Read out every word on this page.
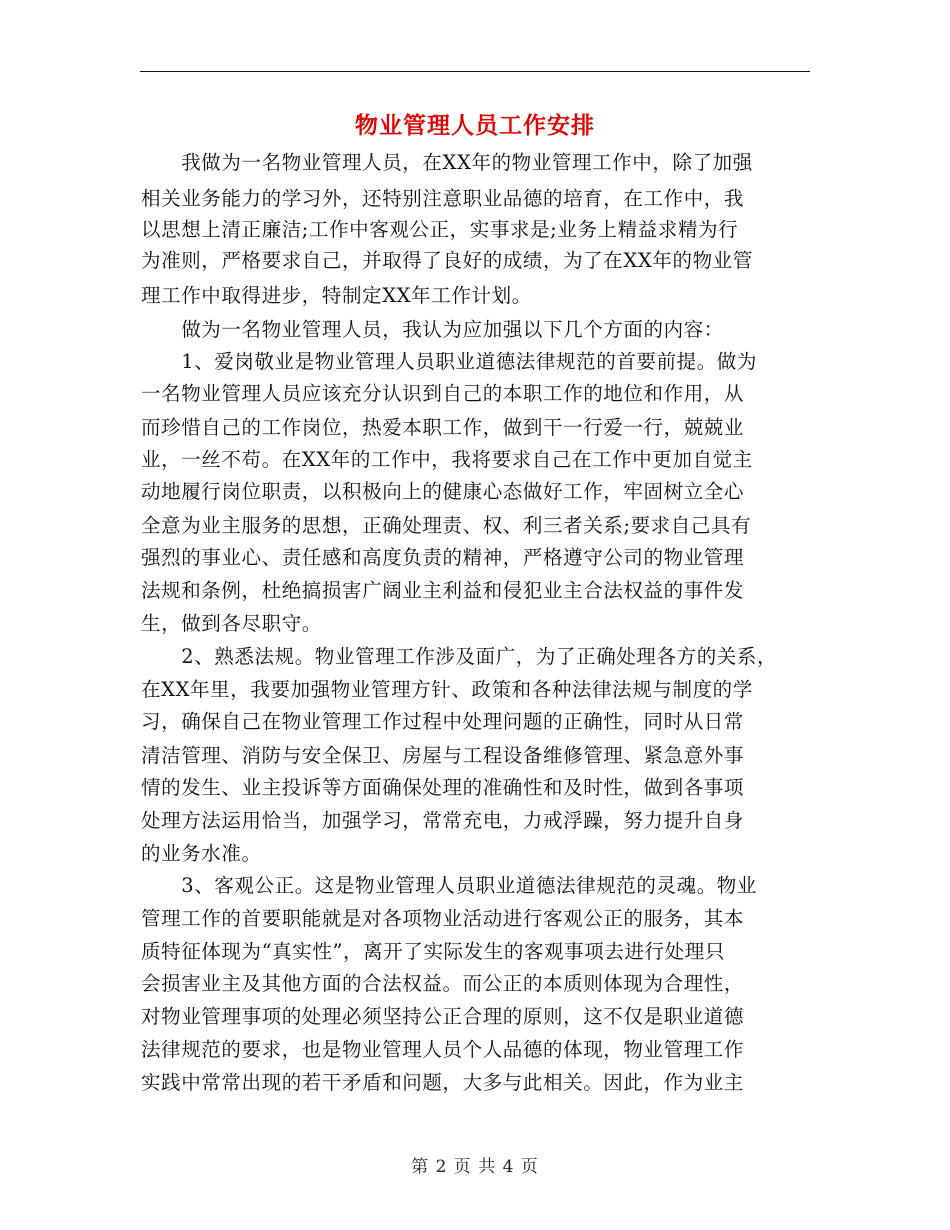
物业管理人员工作安排
　　我做为一名物业管理人员，在XX年的物业管理工作中，除了加强
相关业务能力的学习外，还特别注意职业品德的培育，在工作中，我
以思想上清正廉洁;工作中客观公正，实事求是;业务上精益求精为行
为准则，严格要求自己，并取得了良好的成绩，为了在XX年的物业管
理工作中取得进步，特制定XX年工作计划。
　　做为一名物业管理人员，我认为应加强以下几个方面的内容：
　　1、爱岗敬业是物业管理人员职业道德法律规范的首要前提。做为
一名物业管理人员应该充分认识到自己的本职工作的地位和作用，从
而珍惜自己的工作岗位，热爱本职工作，做到干一行爱一行，兢兢业
业，一丝不苟。在XX年的工作中，我将要求自己在工作中更加自觉主
动地履行岗位职责，以积极向上的健康心态做好工作，牢固树立全心
全意为业主服务的思想，正确处理责、权、利三者关系;要求自己具有
强烈的事业心、责任感和高度负责的精神，严格遵守公司的物业管理
法规和条例，杜绝搞损害广阔业主利益和侵犯业主合法权益的事件发
生，做到各尽职守。
　　2、熟悉法规。物业管理工作涉及面广，为了正确处理各方的关系，
在XX年里，我要加强物业管理方针、政策和各种法律法规与制度的学
习，确保自己在物业管理工作过程中处理问题的正确性，同时从日常
清洁管理、消防与安全保卫、房屋与工程设备维修管理、紧急意外事
情的发生、业主投诉等方面确保处理的准确性和及时性，做到各事项
处理方法运用恰当，加强学习，常常充电，力戒浮躁，努力提升自身
的业务水准。
　　3、客观公正。这是物业管理人员职业道德法律规范的灵魂。物业
管理工作的首要职能就是对各项物业活动进行客观公正的服务，其本
质特征体现为“真实性”，离开了实际发生的客观事项去进行处理只
会损害业主及其他方面的合法权益。而公正的本质则体现为合理性，
对物业管理事项的处理必须坚持公正合理的原则，这不仅是职业道德
法律规范的要求，也是物业管理人员个人品德的体现，物业管理工作
实践中常常出现的若干矛盾和问题，大多与此相关。因此，作为业主
第 2 页 共 4 页
